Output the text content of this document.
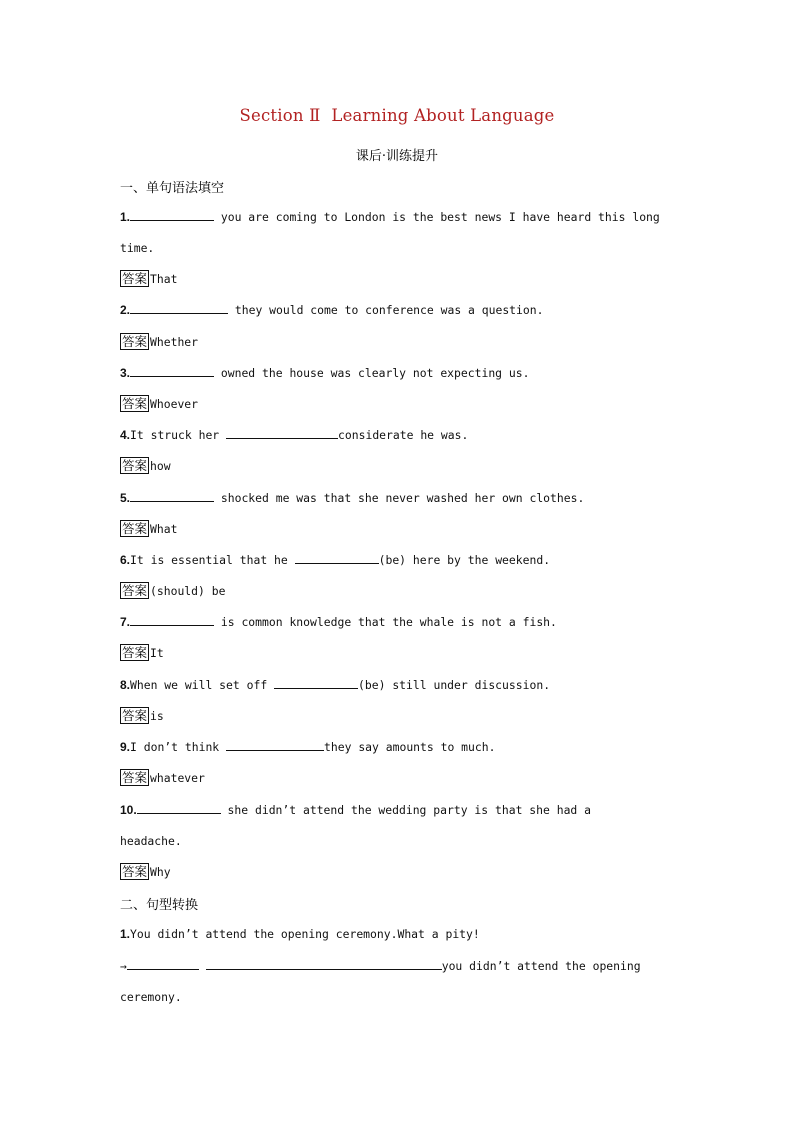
Section Ⅱ  Learning About Language
课后·训练提升
一、单句语法填空
1.	you are coming to London is the best news I have heard this long
time.
答案 That
2.	they would come to conference was a question.
答案 Whether
3.	owned the house was clearly not expecting us.
答案 Whoever
4.It struck her	considerate he was.
答案 how
5.	shocked me was that she never washed her own clothes.
答案 What
6.It is essential that he	(be) here by the weekend.
答案 (should) be
7.	is common knowledge that the whale is not a fish.
答案 It
8.When we will set off	(be) still under discussion.
答案 is
9.I don’t think	they say amounts to much.
答案 whatever
10.	she didn’t attend the wedding party is that she had a
headache.
答案 Why
二、句型转换
1.You didn’t attend the opening ceremony.What a pity!
→	you didn’t attend the opening
ceremony.
